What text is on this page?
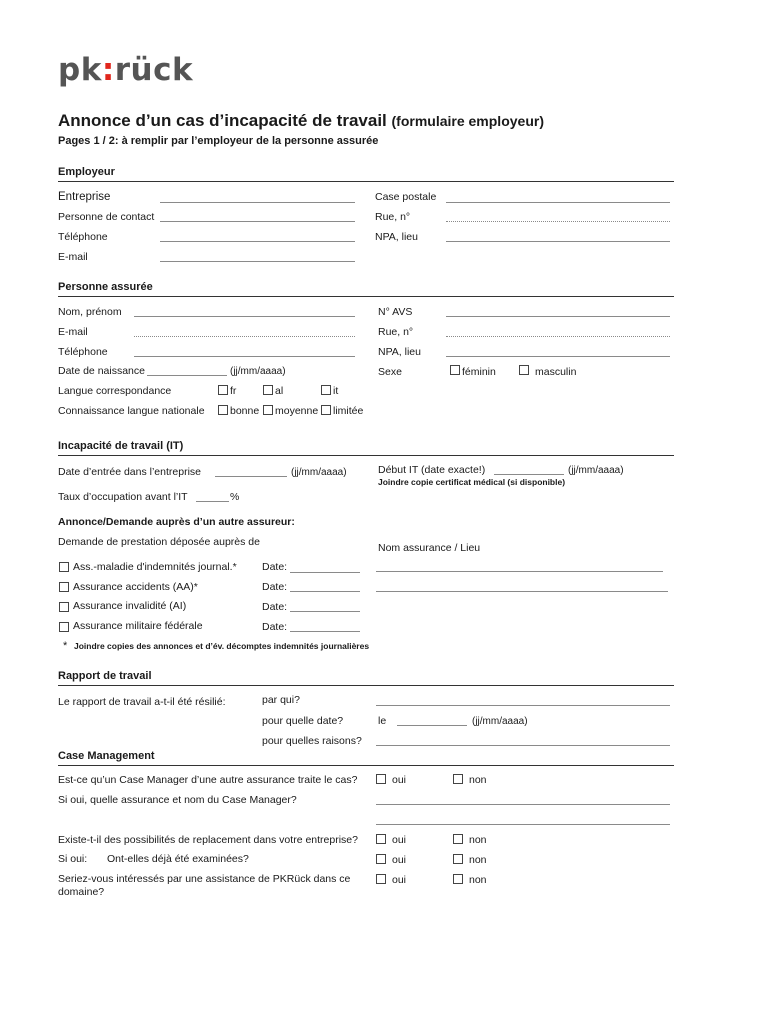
pk:rück
Annonce d’un cas d’incapacité de travail (formulaire employeur)
Pages 1 / 2: à remplir par l’employeur de la personne assurée
Employeur
Entreprise
Personne de contact
Téléphone
E-mail
Case postale
Rue, n°
NPA, lieu
Personne assurée
Nom, prénom
E-mail
Téléphone
Date de naissance	(jj/mm/aaaa)
Langue correspondance	fr	al	it
Connaissance langue nationale bonne moyenne limitée
N° AVS
Rue, n°
NPA, lieu
Sexe	féminin	masculin
Incapacité de travail (IT)
Date d’entrée dans l’entreprise	(jj/mm/aaaa)	Début IT (date exacte!)	(jj/mm/aaaa)
Joindre copie certificat médical (si disponible)
Taux d’occupation avant l’IT	%
Annonce/Demande auprès d’un autre assureur:
Demande de prestation déposée auprès de	Nom assurance / Lieu
Ass.-maladie d'indemnités journal.* Date:
Assurance accidents (AA)*	Date:
Assurance invalidité (AI)	Date:
Assurance militaire fédérale	Date:
* Joindre copies des annonces et d’év. décomptes indemnités journalières
Rapport de travail
Le rapport de travail a-t-il été résilié:	par qui?
pour quelle date?	le	(jj/mm/aaaa)
pour quelles raisons?
Case Management
Est-ce qu’un Case Manager d’une autre assurance traite le cas?	oui	non
Si oui, quelle assurance et nom du Case Manager?
Existe-t-il des possibilités de replacement dans votre entreprise?	oui	non
Si oui: Ont-elles déjà été examinées?	oui	non
Seriez-vous intéressés par une assistance de PKRück dans ce
domaine?
oui	non
